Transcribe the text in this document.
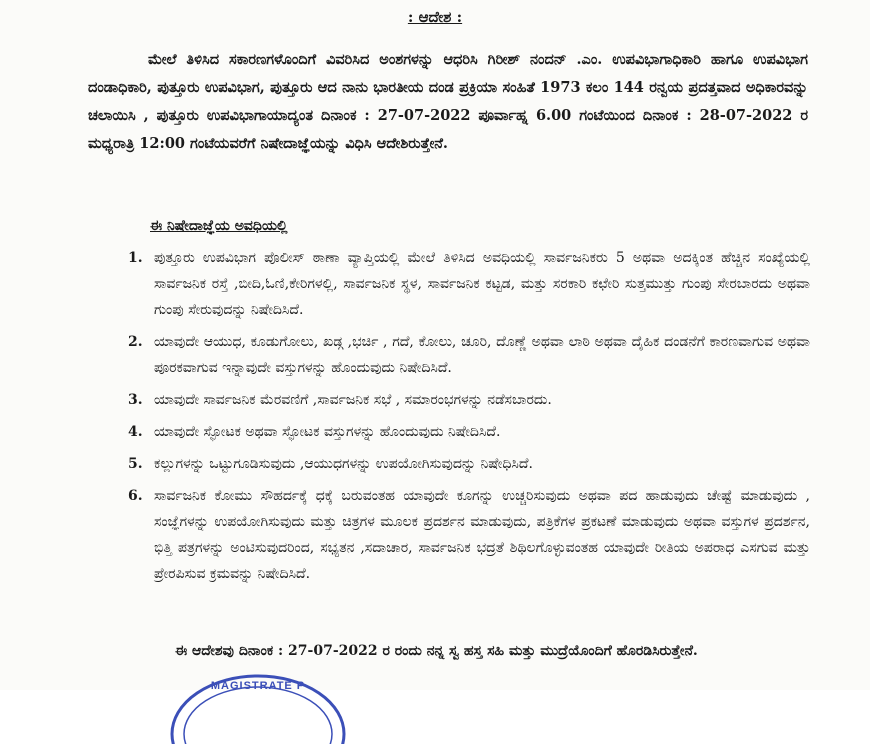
: ಆದೇಶ :
ಮೇಲೆ ತಿಳಿಸಿದ ಸಕಾರಣಗಳೊಂದಿಗೆ ವಿವರಿಸಿದ ಅಂಶಗಳನ್ನು ಆಧರಿಸಿ ಗಿರೀಶ್ ನಂದನ್ .ಎಂ. ಉಪವಿಭಾಗಾಧಿಕಾರಿ ಹಾಗೂ ಉಪವಿಭಾಗ ದಂಡಾಧಿಕಾರಿ, ಪುತ್ತೂರು ಉಪವಿಭಾಗ, ಪುತ್ತೂರು ಆದ ನಾನು ಭಾರತೀಯ ದಂಡ ಪ್ರಕ್ರಿಯಾ ಸಂಹಿತೆ 1973 ಕಲಂ 144 ರನ್ವಯ ಪ್ರದತ್ತವಾದ ಅಧಿಕಾರವನ್ನು ಚಲಾಯಿಸಿ , ಪುತ್ತೂರು ಉಪವಿಭಾಗಾಯಾದ್ಯಂತ ದಿನಾಂಕ : 27-07-2022 ಪೂರ್ವಾಹ್ನ 6.00 ಗಂಟೆಯಿಂದ ದಿನಾಂಕ : 28-07-2022 ರ ಮಧ್ಯರಾತ್ರಿ 12:00 ಗಂಟೆಯವರೆಗೆ ನಿಷೇದಾಜ್ಞೆಯನ್ನು ವಿಧಿಸಿ ಆದೇಶಿರುತ್ತೇನೆ.
ಈ ನಿಷೇದಾಜ್ಞೆಯ ಅವಧಿಯಲ್ಲಿ
1. ಪುತ್ತೂರು ಉಪವಿಭಾಗ ಪೊಲೀಸ್ ಠಾಣಾ ವ್ಯಾಪ್ತಿಯಲ್ಲಿ ಮೇಲೆ ತಿಳಿಸಿದ ಅವಧಿಯಲ್ಲಿ ಸಾರ್ವಜನಿಕರು 5 ಅಥವಾ ಅದಕ್ಕಿಂತ ಹೆಚ್ಚಿನ ಸಂಖ್ಯೆಯಲ್ಲಿ ಸಾರ್ವಜನಿಕ ರಸ್ತೆ ,ಬೀದಿ,ಓಣಿ,ಕೇರಿಗಳಲ್ಲಿ, ಸಾರ್ವಜನಿಕ ಸ್ಥಳ, ಸಾರ್ವಜನಿಕ ಕಟ್ಟಡ, ಮತ್ತು ಸರಕಾರಿ ಕಛೇರಿ ಸುತ್ತಮುತ್ತು ಗುಂಪು ಸೇರಬಾರದು ಅಥವಾ ಗುಂಪು ಸೇರುವುದನ್ನು ನಿಷೇದಿಸಿದೆ.
2. ಯಾವುದೇ ಆಯುಧ, ಕೂಡುಗೋಲು, ಖಡ್ಗ ,ಭರ್ಚಿ , ಗದೆ, ಕೋಲು, ಚೂರಿ, ದೊಣ್ಣೆ ಅಥವಾ ಲಾಠಿ ಅಥವಾ ದೈಹಿಕ ದಂಡನೆಗೆ ಕಾರಣವಾಗುವ ಅಥವಾ ಪೂರಕವಾಗುವ ಇನ್ನಾವುದೇ ವಸ್ತುಗಳನ್ನು ಹೊಂದುವುದು ನಿಷೇದಿಸಿದೆ.
3. ಯಾವುದೇ ಸಾರ್ವಜನಿಕ ಮೆರವಣಿಗೆ ,ಸಾರ್ವಜನಿಕ ಸಭೆ , ಸಮಾರಂಭಗಳನ್ನು ನಡೆಸಬಾರದು.
4. ಯಾವುದೇ ಸ್ಫೋಟಕ ಅಥವಾ ಸ್ಫೋಟಕ ವಸ್ತುಗಳನ್ನು ಹೊಂದುವುದು ನಿಷೇದಿಸಿದೆ.
5. ಕಲ್ಲುಗಳನ್ನು ಒಟ್ಟುಗೂಡಿಸುವುದು ,ಆಯುಧಗಳನ್ನು ಉಪಯೋಗಿಸುವುದನ್ನು ನಿಷೇಧಿಸಿದೆ.
6. ಸಾರ್ವಜನಿಕ ಕೋಮು ಸೌಹರ್ದಕ್ಕೆ ಧಕ್ಕೆ ಬರುವಂತಹ ಯಾವುದೇ ಕೂಗನ್ನು ಉಚ್ಚರಿಸುವುದು ಅಥವಾ ಪದ ಹಾಡುವುದು ಚೇಷ್ಟೆ ಮಾಡುವುದು , ಸಂಜ್ಞೆಗಳನ್ನು ಉಪಯೋಗಿಸುವುದು ಮತ್ತು ಚಿತ್ರಗಳ ಮೂಲಕ ಪ್ರದರ್ಶನ ಮಾಡುವುದು, ಪತ್ರಿಕೆಗಳ ಪ್ರಕಟಣೆ ಮಾಡುವುದು ಅಥವಾ ವಸ್ತುಗಳ ಪ್ರದರ್ಶನ, ಭಿತ್ತಿ ಪತ್ರಗಳನ್ನು ಅಂಟಿಸುವುದರಿಂದ, ಸಭ್ಯತನ ,ಸದಾಚಾರ, ಸಾರ್ವಜನಿಕ ಭದ್ರತೆ ಶಿಥಿಲಗೊಳ್ಳುವಂತಹ ಯಾವುದೇ ರೀತಿಯ ಅಪರಾಧ ಎಸಗುವ ಮತ್ತು ಪ್ರೇರಪಿಸುವ ಕ್ರಮವನ್ನು ನಿಷೇದಿಸಿದೆ.
ಈ ಆದೇಶವು ದಿನಾಂಕ : 27-07-2022 ರ ರಂದು ನನ್ನ ಸ್ವ ಹಸ್ತ ಸಹಿ ಮತ್ತು ಮುದ್ರೆಯೊಂದಿಗೆ ಹೊರಡಿಸಿರುತ್ತೇನೆ.
MAGISTRATE P
